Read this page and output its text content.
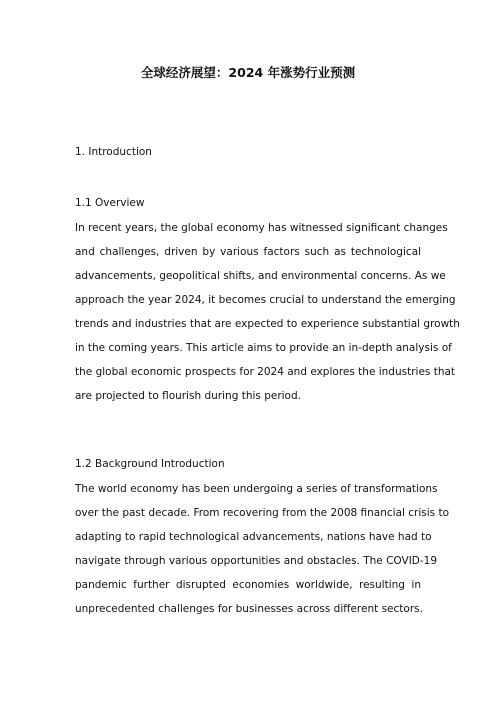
全球经济展望：2024 年涨势行业预测
1. Introduction
1.1 Overview
In recent years, the global economy has witnessed significant changes
and challenges, driven by various factors such as technological
advancements, geopolitical shifts, and environmental concerns. As we
approach the year 2024, it becomes crucial to understand the emerging
trends and industries that are expected to experience substantial growth
in the coming years. This article aims to provide an in-depth analysis of
the global economic prospects for 2024 and explores the industries that
are projected to flourish during this period.
1.2 Background Introduction
The world economy has been undergoing a series of transformations
over the past decade. From recovering from the 2008 financial crisis to
adapting to rapid technological advancements, nations have had to
navigate through various opportunities and obstacles. The COVID-19
pandemic further disrupted economies worldwide, resulting in
unprecedented challenges for businesses across different sectors.
